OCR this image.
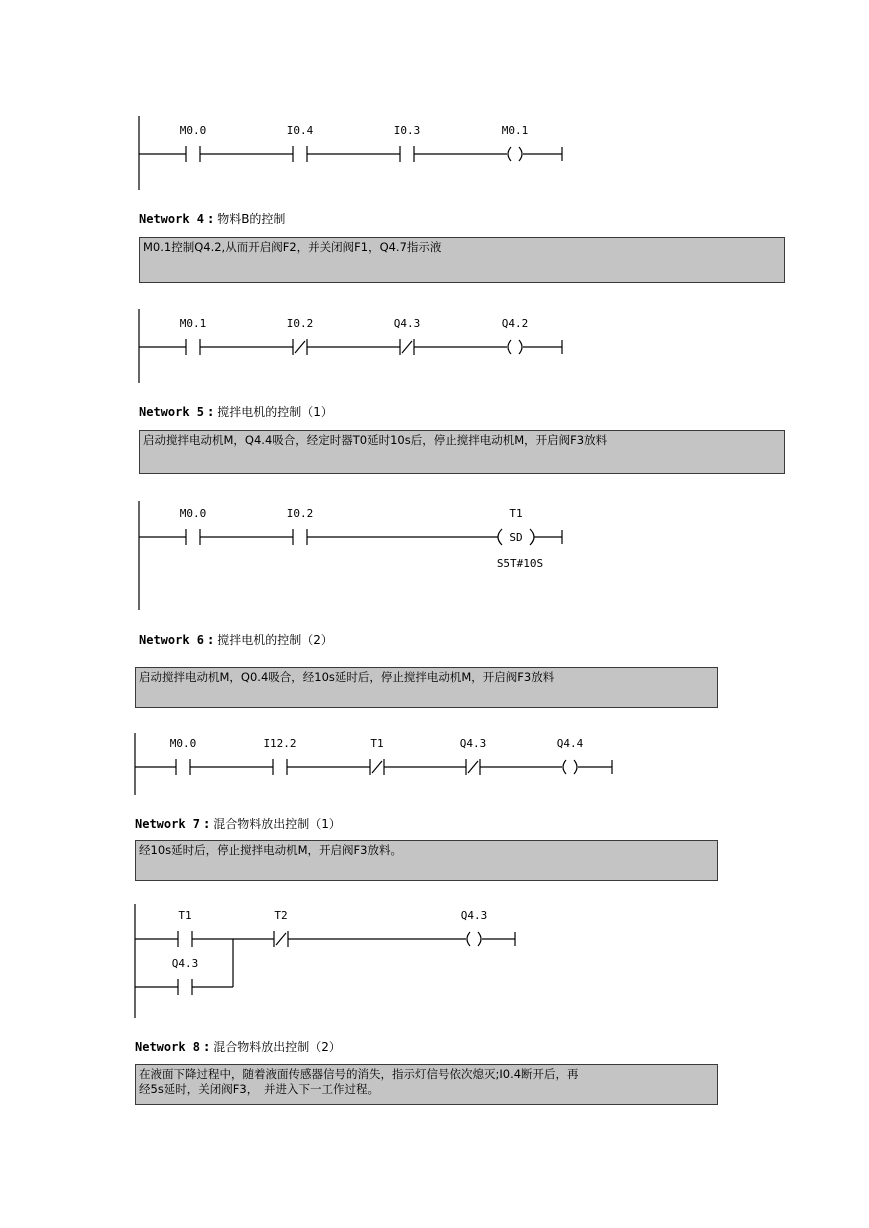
Network 4 : 物料B的控制
M0.1控制Q4.2,从而开启阀F2，并关闭阀F1，Q4.7指示液
Network 5 : 搅拌电机的控制（1）
启动搅拌电动机M，Q4.4吸合，经定时器T0延时10s后，停止搅拌电动机M，开启阀F3放料
Network 6 : 搅拌电机的控制（2）
启动搅拌电动机M，Q0.4吸合，经10s延时后，停止搅拌电动机M，开启阀F3放料
Network 7 : 混合物料放出控制（1）
经10s延时后，停止搅拌电动机M，开启阀F3放料。
Network 8 : 混合物料放出控制（2）
在液面下降过程中，随着液面传感器信号的消失，指示灯信号依次熄灭;I0.4断开后，再
经5s延时，关闭阀F3，　并进入下一工作过程。
M0.0	I0.4	I0.3	M0.1
M0.1	I0.2	Q4.3	Q4.2
M0.0	I0.2
SD
T1
S5T#10S
M0.0	I12.2	T1	Q4.3	Q4.4
T1	T2	Q4.3
Q4.3
